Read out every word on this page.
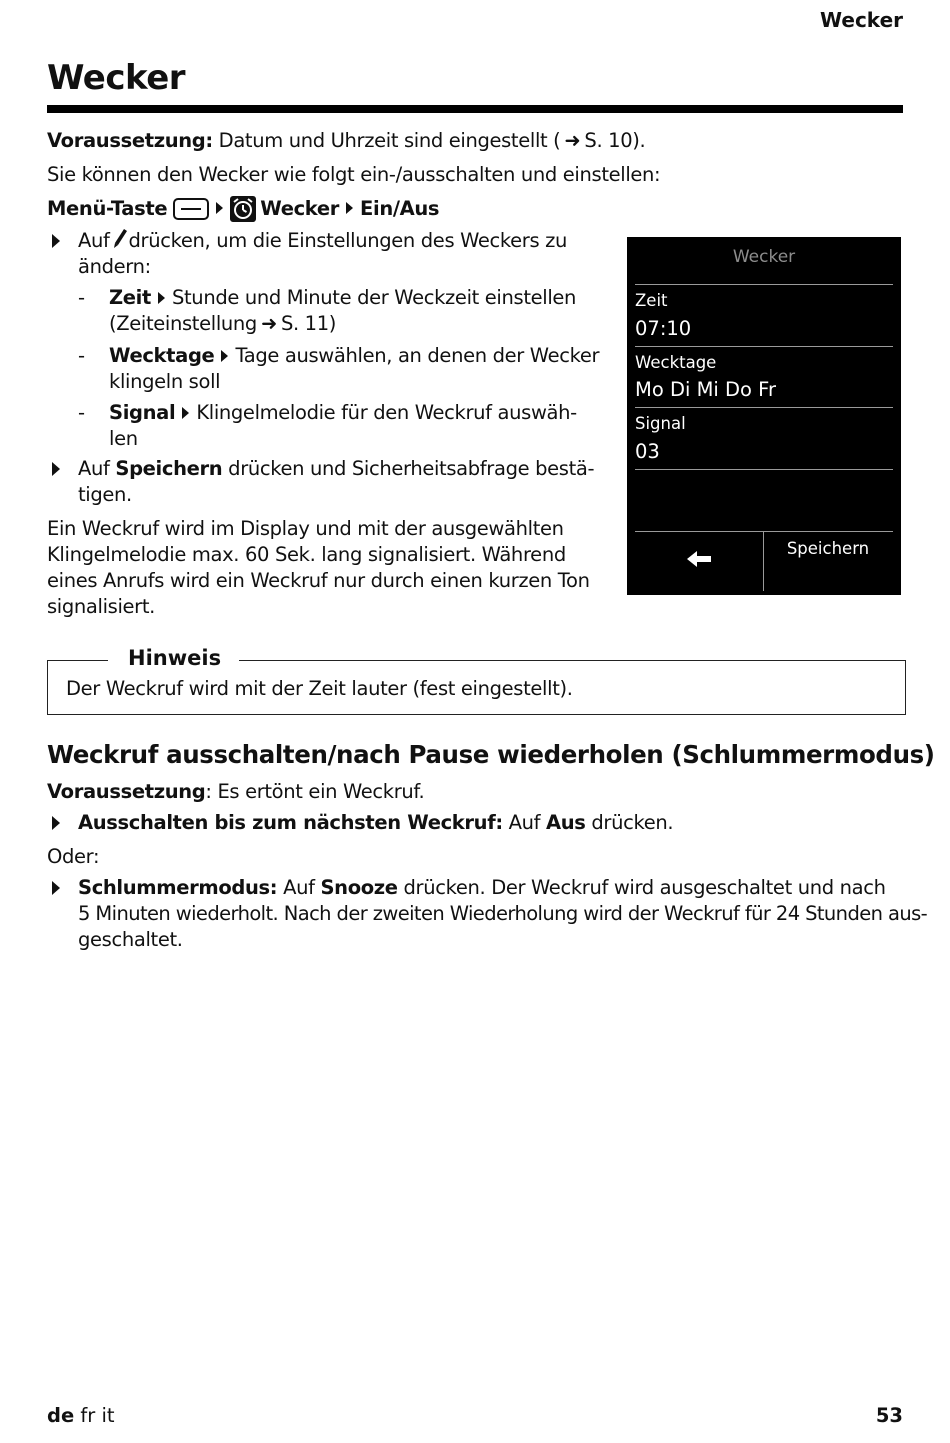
Wecker
Wecker
Voraussetzung: Datum und Uhrzeit sind eingestellt ( ➜ S. 10).
Sie können den Wecker wie folgt ein-/ausschalten und einstellen:
Menü-Taste	Wecker Ein/Aus
Auf drücken, um die Einstellungen des Weckers zu
ändern:
- Zeit Stunde und Minute der Weckzeit einstellen
(Zeiteinstellung ➜ S. 11)
- Wecktage Tage auswählen, an denen der Wecker
klingeln soll
- Signal Klingelmelodie für den Weckruf auswäh-
len
Auf Speichern drücken und Sicherheitsabfrage bestä-
tigen.
Ein Weckruf wird im Display und mit der ausgewählten
Klingelmelodie max. 60 Sek. lang signalisiert. Während
eines Anrufs wird ein Weckruf nur durch einen kurzen Ton
signalisiert.
Wecker
Zeit
07:10
Wecktage
Mo Di Mi Do Fr
Signal
03
Speichern
Hinweis
Der Weckruf wird mit der Zeit lauter (fest eingestellt).
Weckruf ausschalten/nach Pause wiederholen (Schlummermodus)
Voraussetzung: Es ertönt ein Weckruf.
Ausschalten bis zum nächsten Weckruf: Auf Aus drücken.
Oder:
Schlummermodus: Auf Snooze drücken. Der Weckruf wird ausgeschaltet und nach
5 Minuten wiederholt. Nach der zweiten Wiederholung wird der Weckruf für 24 Stunden aus-
geschaltet.
de fr it	53
